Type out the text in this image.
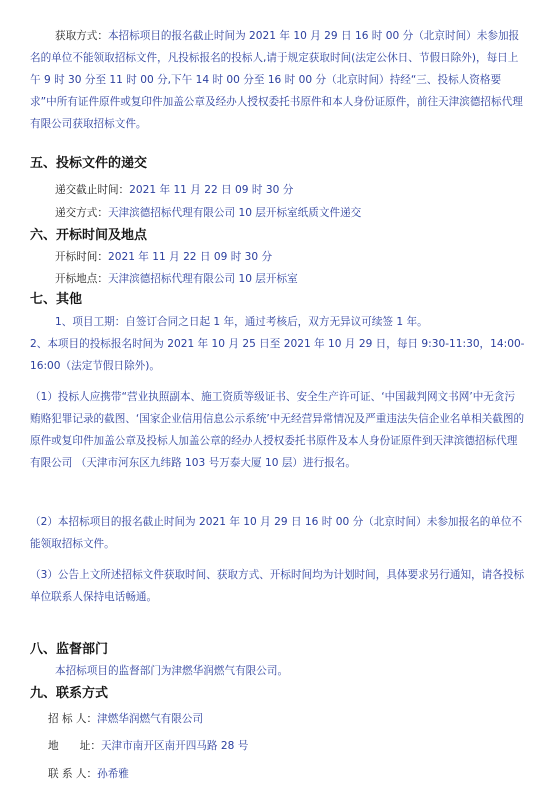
获取方式：本招标项目的报名截止时间为 2021 年 10 月 29 日 16 时 00 分（北京时间）未参加报名的单位不能领取招标文件，凡投标报名的投标人,请于规定获取时间(法定公休日、节假日除外)，每日上午 9 时 30 分至 11 时 00 分,下午 14 时 00 分至 16 时 00 分（北京时间）持经“三、投标人资格要求”中所有证件原件或复印件加盖公章及经办人授权委托书原件和本人身份证原件，前往天津滨德招标代理有限公司获取招标文件。

五、投标文件的递交
递交截止时间：2021 年 11 月 22 日 09 时 30 分
递交方式：天津滨德招标代理有限公司 10 层开标室纸质文件递交
六、开标时间及地点
开标时间：2021 年 11 月 22 日 09 时 30 分
开标地点：天津滨德招标代理有限公司 10 层开标室
七、其他

1、项目工期：自签订合同之日起 1 年，通过考核后，双方无异议可续签 1 年。

2、本项目的投标报名时间为 2021 年 10 月 25 日至 2021 年 10 月 29 日，每日 9:30-11:30，14:00-16:00（法定节假日除外)。

（1）投标人应携带“营业执照副本、施工资质等级证书、安全生产许可证、‘中国裁判网文书网’中无贪污贿赂犯罪记录的截图、‘国家企业信用信息公示系统’中无经营异常情况及严重违法失信企业名单相关截图的原件或复印件加盖公章及投标人加盖公章的经办人授权委托书原件及本人身份证原件到天津滨德招标代理有限公司 （天津市河东区九纬路 103 号万泰大厦 10 层）进行报名。

（2）本招标项目的报名截止时间为 2021 年 10 月 29 日 16 时 00 分（北京时间）未参加报名的单位不能领取招标文件。

（3）公告上文所述招标文件获取时间、获取方式、开标时间均为计划时间，具体要求另行通知，请各投标单位联系人保持电话畅通。

八、监督部门

本招标项目的监督部门为津燃华润燃气有限公司。

九、联系方式
招 标 人：津燃华润燃气有限公司
地　　址：天津市南开区南开四马路 28 号
联 系 人：孙希雅
